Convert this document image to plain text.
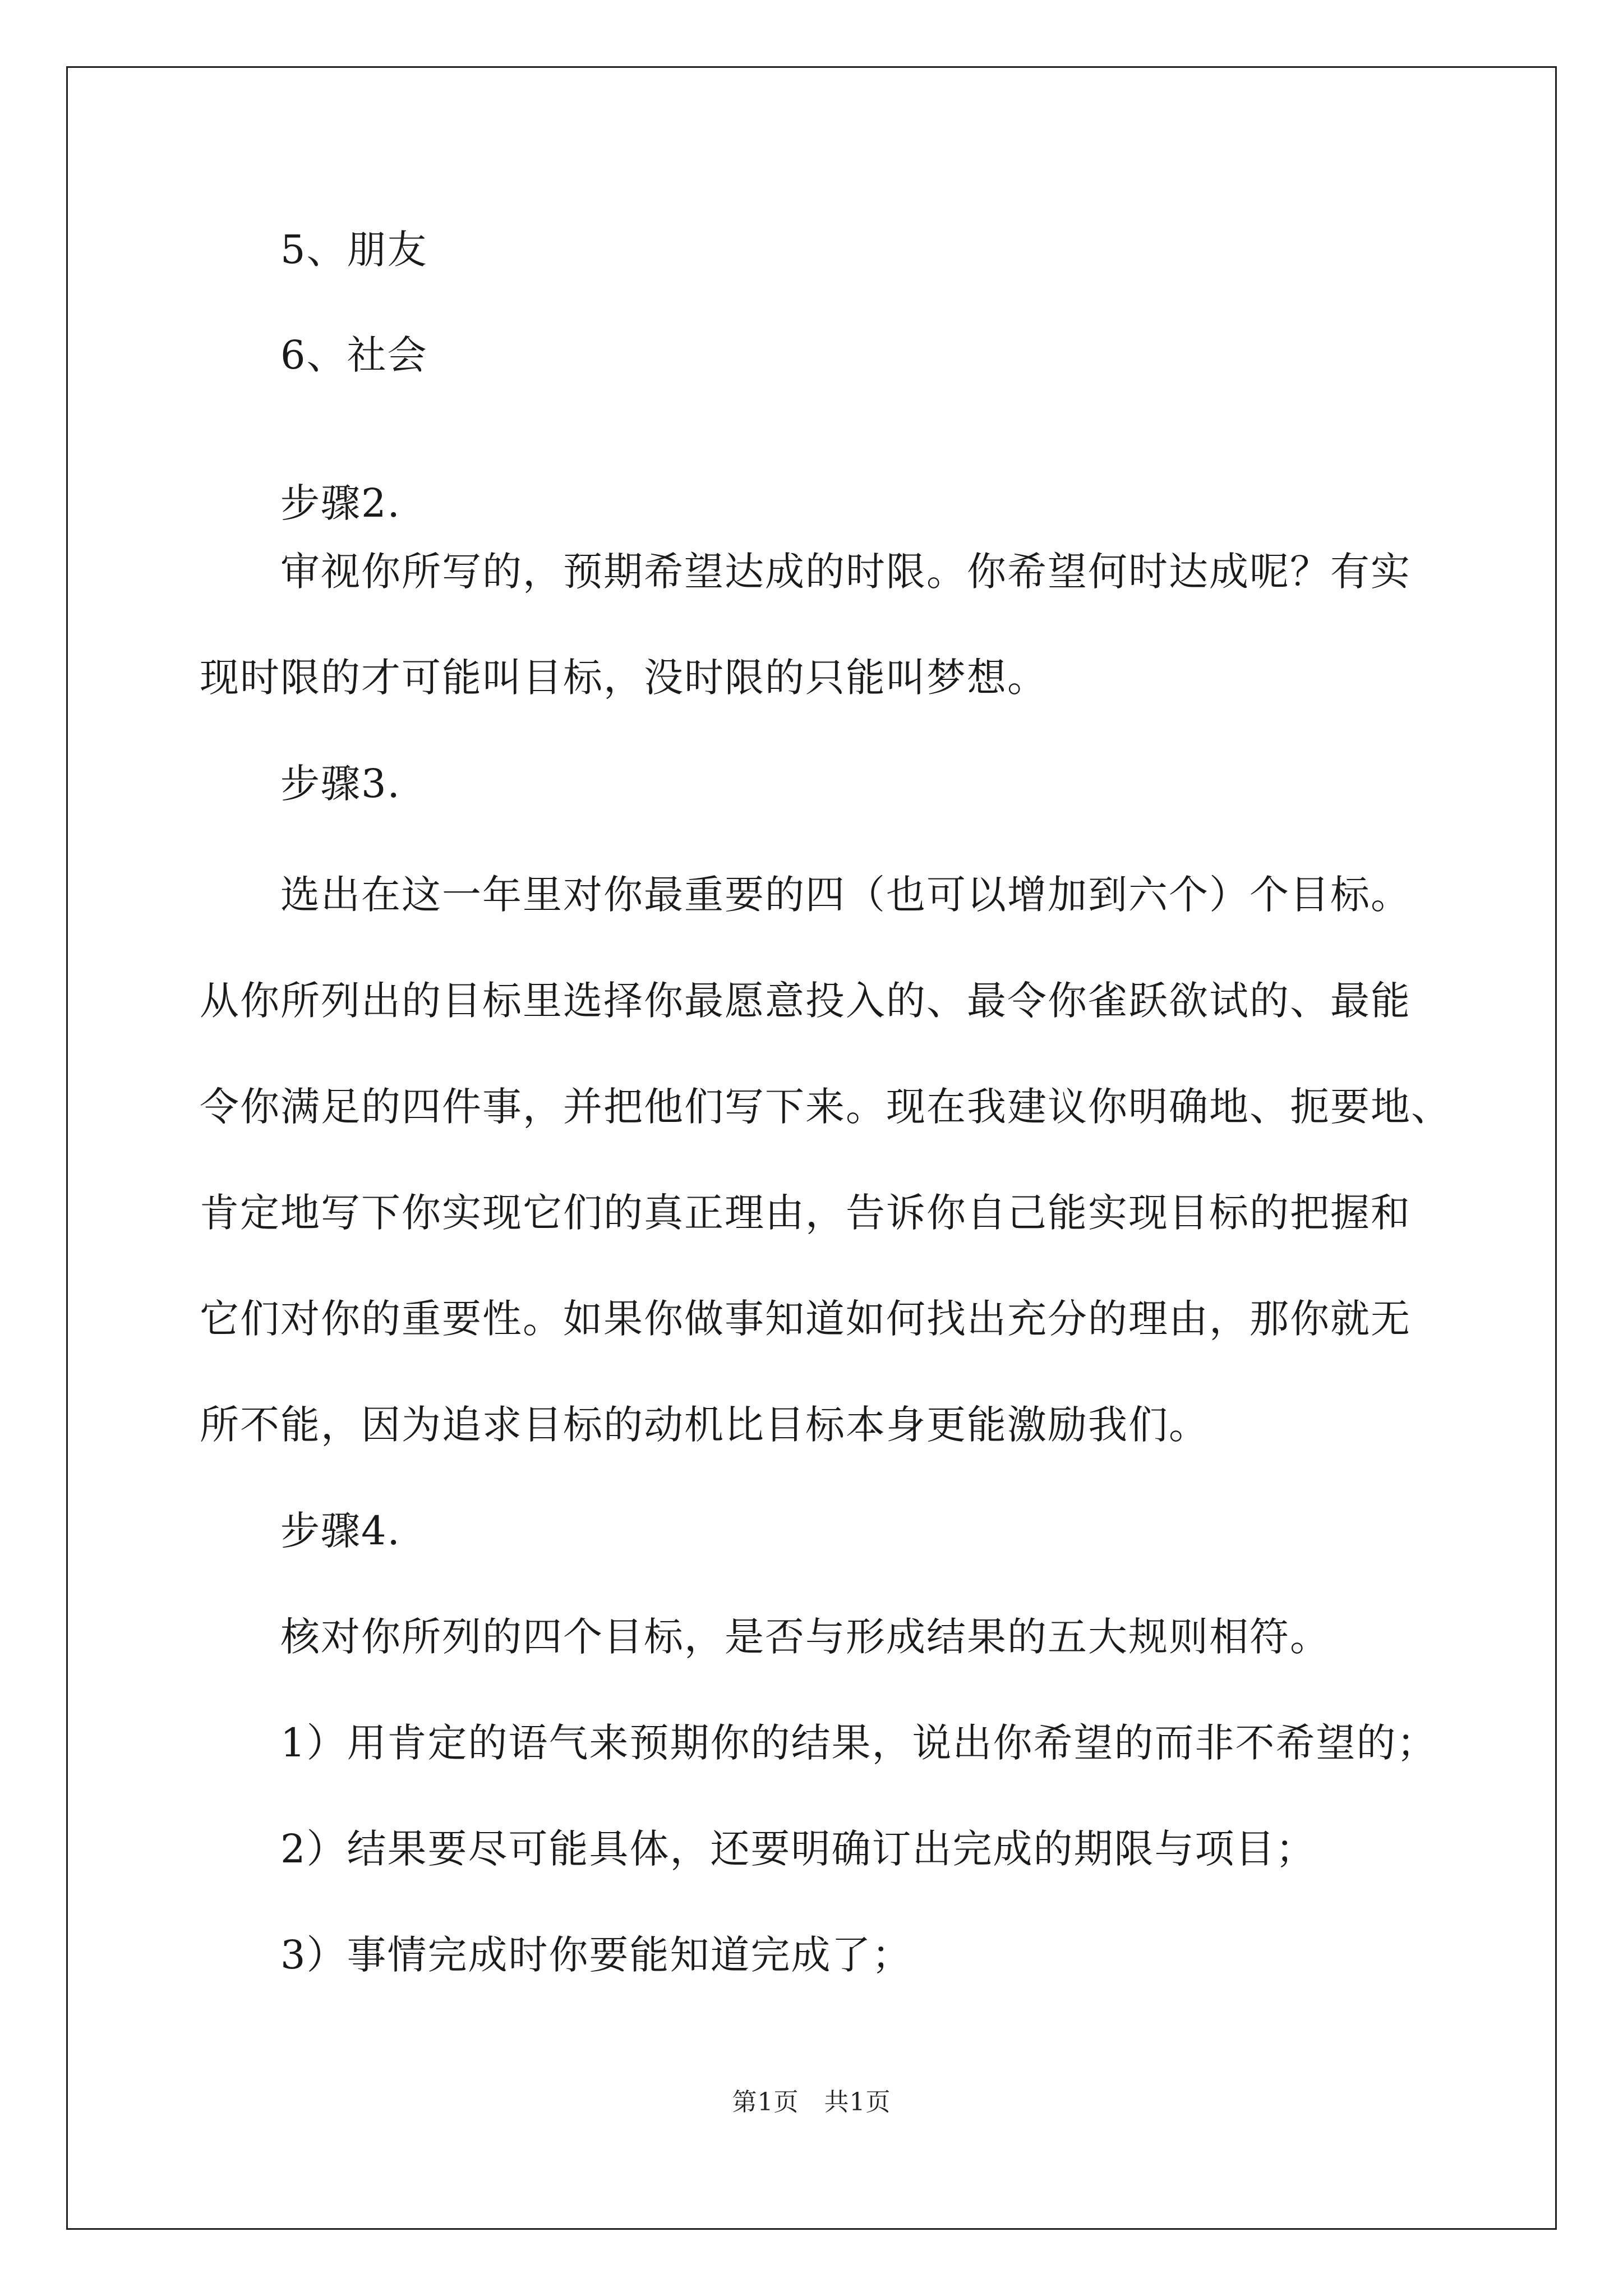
5、朋友
6、社会
步骤2.
审视你所写的，预期希望达成的时限。你希望何时达成呢？有实
现时限的才可能叫目标，没时限的只能叫梦想。
步骤3.
选出在这一年里对你最重要的四（也可以增加到六个）个目标。
从你所列出的目标里选择你最愿意投入的、最令你雀跃欲试的、最能
令你满足的四件事，并把他们写下来。现在我建议你明确地、扼要地、
肯定地写下你实现它们的真正理由，告诉你自己能实现目标的把握和
它们对你的重要性。如果你做事知道如何找出充分的理由，那你就无
所不能，因为追求目标的动机比目标本身更能激励我们。
步骤4.
核对你所列的四个目标，是否与形成结果的五大规则相符。
1）用肯定的语气来预期你的结果，说出你希望的而非不希望的；
2）结果要尽可能具体，还要明确订出完成的期限与项目；
3）事情完成时你要能知道完成了；
第1页　共1页
